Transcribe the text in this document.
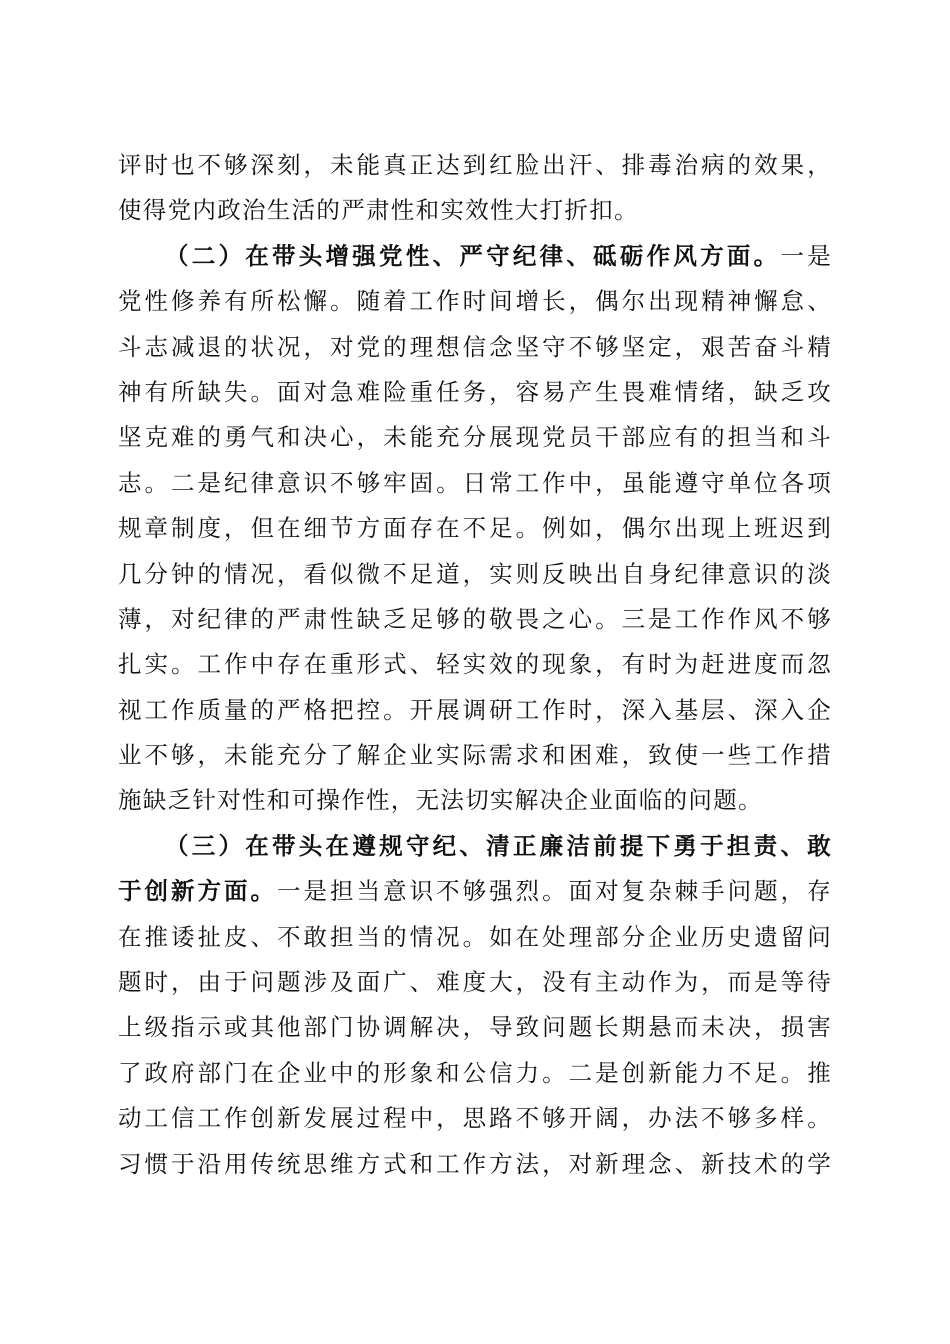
评时也不够深刻，未能真正达到红脸出汗、排毒治病的效果，
使得党内政治生活的严肃性和实效性大打折扣。
（二）在带头增强党性、严守纪律、砥砺作风方面。一是
党性修养有所松懈。随着工作时间增长，偶尔出现精神懈怠、
斗志减退的状况，对党的理想信念坚守不够坚定，艰苦奋斗精
神有所缺失。面对急难险重任务，容易产生畏难情绪，缺乏攻
坚克难的勇气和决心，未能充分展现党员干部应有的担当和斗
志。二是纪律意识不够牢固。日常工作中，虽能遵守单位各项
规章制度，但在细节方面存在不足。例如，偶尔出现上班迟到
几分钟的情况，看似微不足道，实则反映出自身纪律意识的淡
薄，对纪律的严肃性缺乏足够的敬畏之心。三是工作作风不够
扎实。工作中存在重形式、轻实效的现象，有时为赶进度而忽
视工作质量的严格把控。开展调研工作时，深入基层、深入企
业不够，未能充分了解企业实际需求和困难，致使一些工作措
施缺乏针对性和可操作性，无法切实解决企业面临的问题。
（三）在带头在遵规守纪、清正廉洁前提下勇于担责、敢
于创新方面。一是担当意识不够强烈。面对复杂棘手问题，存
在推诿扯皮、不敢担当的情况。如在处理部分企业历史遗留问
题时，由于问题涉及面广、难度大，没有主动作为，而是等待
上级指示或其他部门协调解决，导致问题长期悬而未决，损害
了政府部门在企业中的形象和公信力。二是创新能力不足。推
动工信工作创新发展过程中，思路不够开阔，办法不够多样。
习惯于沿用传统思维方式和工作方法，对新理念、新技术的学
